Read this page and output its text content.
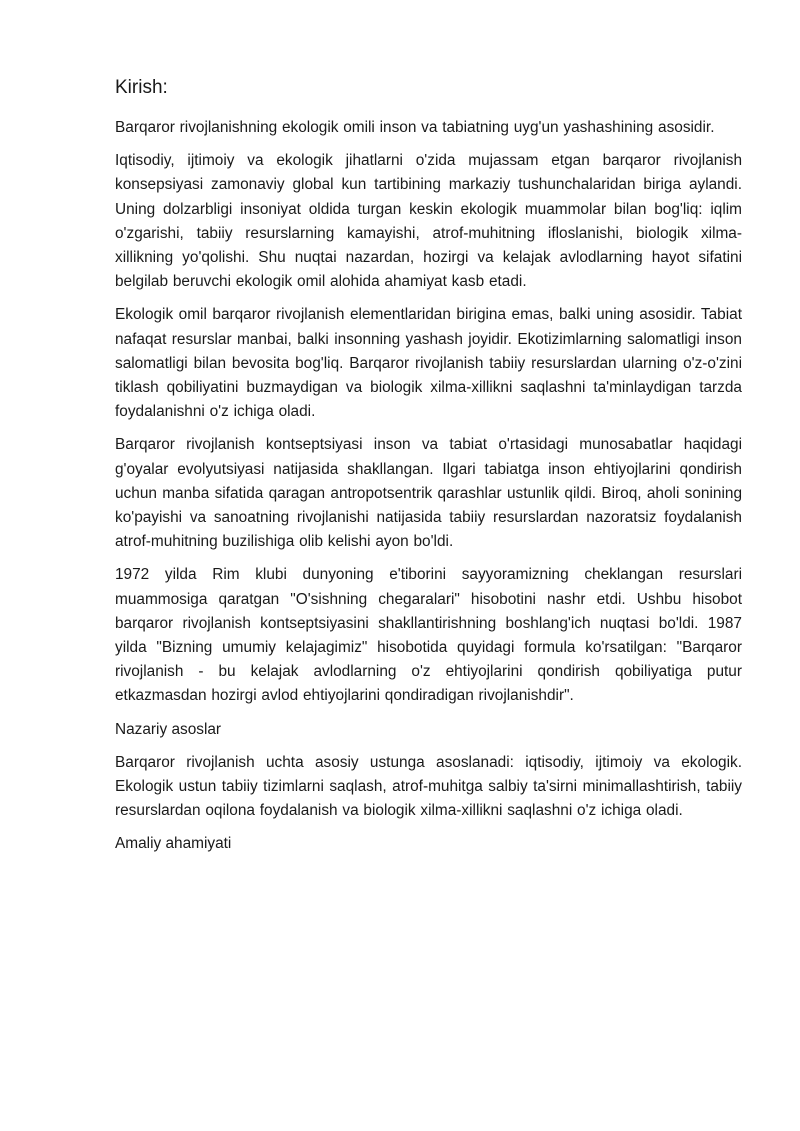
Kirish:

Barqaror rivojlanishning ekologik omili inson va tabiatning uyg'un yashashining asosidir.

Iqtisodiy, ijtimoiy va ekologik jihatlarni o'zida mujassam etgan barqaror rivojlanish konsepsiyasi zamonaviy global kun tartibining markaziy tushunchalaridan biriga aylandi. Uning dolzarbligi insoniyat oldida turgan keskin ekologik muammolar bilan bog'liq: iqlim o'zgarishi, tabiiy resurslarning kamayishi, atrof-muhitning ifloslanishi, biologik xilma-xillikning yo'qolishi. Shu nuqtai nazardan, hozirgi va kelajak avlodlarning hayot sifatini belgilab beruvchi ekologik omil alohida ahamiyat kasb etadi.

Ekologik omil barqaror rivojlanish elementlaridan birigina emas, balki uning asosidir. Tabiat nafaqat resurslar manbai, balki insonning yashash joyidir. Ekotizimlarning salomatligi inson salomatligi bilan bevosita bog'liq. Barqaror rivojlanish tabiiy resurslardan ularning o'z-o'zini tiklash qobiliyatini buzmaydigan va biologik xilma-xillikni saqlashni ta'minlaydigan tarzda foydalanishni o'z ichiga oladi.

Barqaror rivojlanish kontseptsiyasi inson va tabiat o'rtasidagi munosabatlar haqidagi g'oyalar evolyutsiyasi natijasida shakllangan. Ilgari tabiatga inson ehtiyojlarini qondirish uchun manba sifatida qaragan antropotsentrik qarashlar ustunlik qildi. Biroq, aholi sonining ko'payishi va sanoatning rivojlanishi natijasida tabiiy resurslardan nazoratsiz foydalanish atrof-muhitning buzilishiga olib kelishi ayon bo'ldi.

1972 yilda Rim klubi dunyoning e'tiborini sayyoramizning cheklangan resurslari muammosiga qaratgan "O'sishning chegaralari" hisobotini nashr etdi. Ushbu hisobot barqaror rivojlanish kontseptsiyasini shakllantirishning boshlang'ich nuqtasi bo'ldi. 1987 yilda "Bizning umumiy kelajagimiz" hisobotida quyidagi formula ko'rsatilgan: "Barqaror rivojlanish - bu kelajak avlodlarning o'z ehtiyojlarini qondirish qobiliyatiga putur etkazmasdan hozirgi avlod ehtiyojlarini qondiradigan rivojlanishdir".

Nazariy asoslar

Barqaror rivojlanish uchta asosiy ustunga asoslanadi: iqtisodiy, ijtimoiy va ekologik. Ekologik ustun tabiiy tizimlarni saqlash, atrof-muhitga salbiy ta'sirni minimallashtirish, tabiiy resurslardan oqilona foydalanish va biologik xilma-xillikni saqlashni o'z ichiga oladi.

Amaliy ahamiyati
